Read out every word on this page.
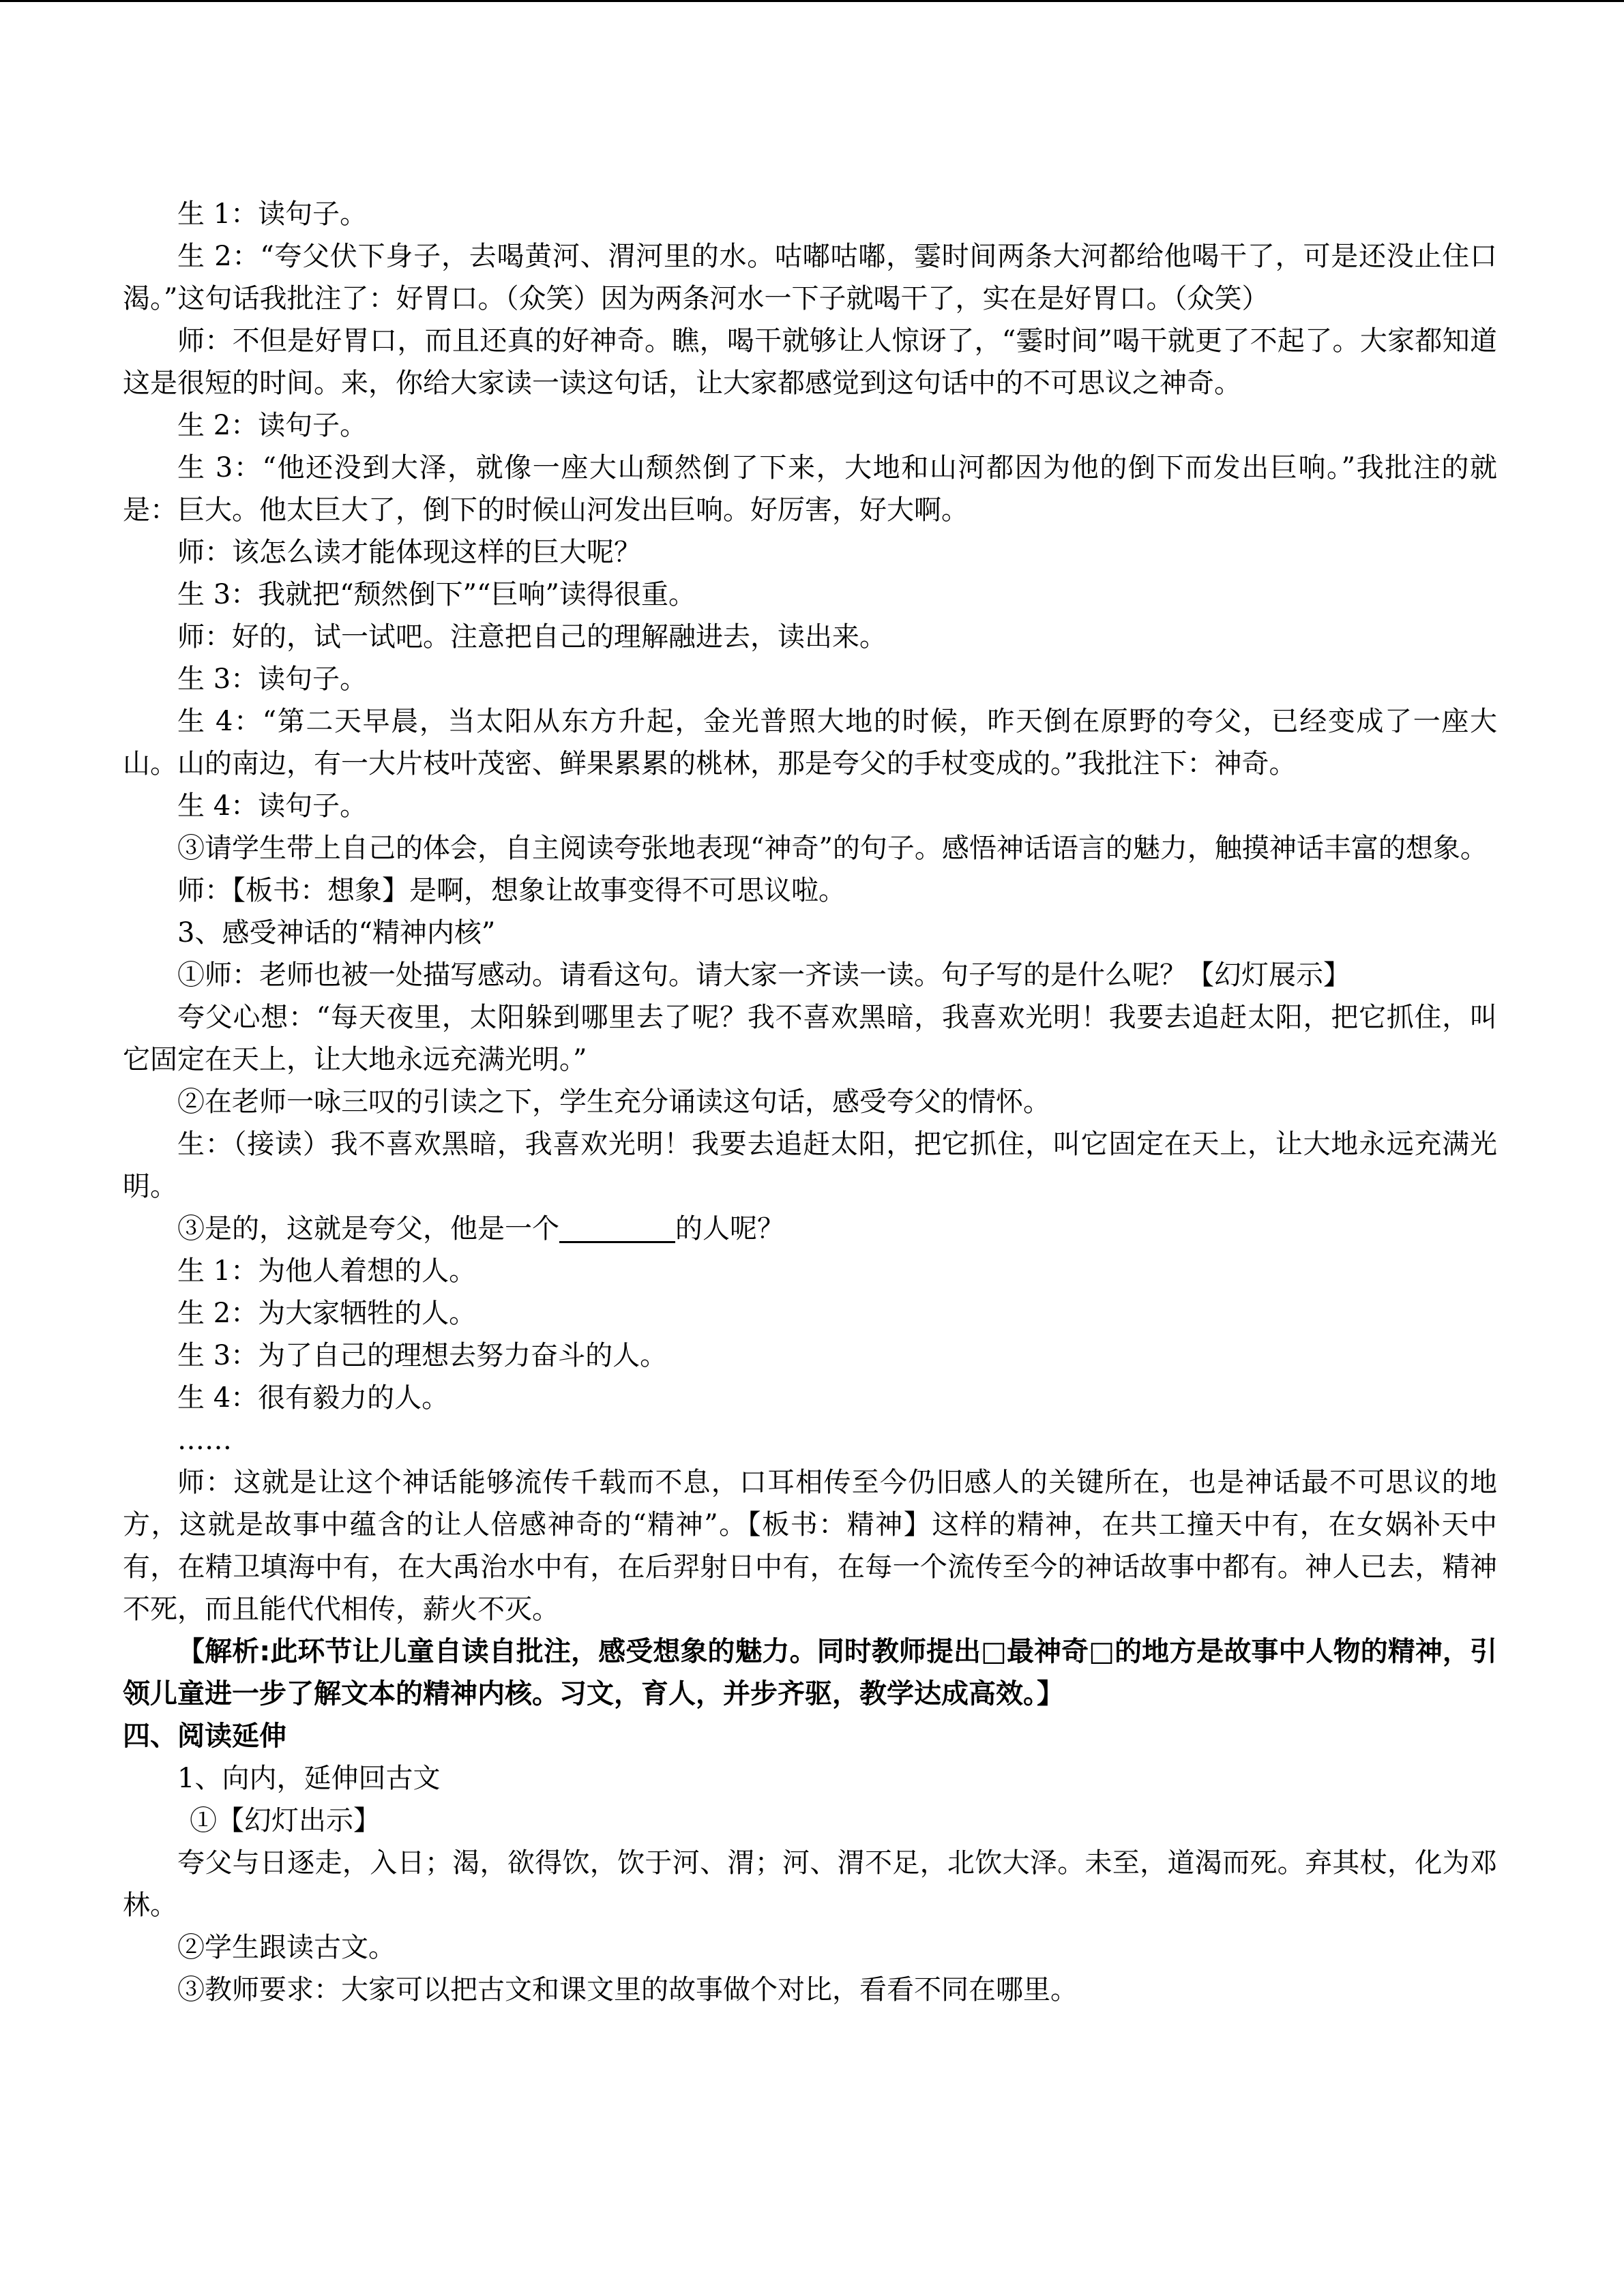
生 1：读句子。

生 2：“夸父伏下身子，去喝黄河、渭河里的水。咕嘟咕嘟，霎时间两条大河都给他喝干了，可是还没止住口渴。”这句话我批注了：好胃口。（众笑）因为两条河水一下子就喝干了，实在是好胃口。（众笑）

师：不但是好胃口，而且还真的好神奇。瞧，喝干就够让人惊讶了，“霎时间”喝干就更了不起了。大家都知道这是很短的时间。来，你给大家读一读这句话，让大家都感觉到这句话中的不可思议之神奇。

生 2：读句子。

生 3：“他还没到大泽，就像一座大山颓然倒了下来，大地和山河都因为他的倒下而发出巨响。”我批注的就是：巨大。他太巨大了，倒下的时候山河发出巨响。好厉害，好大啊。

师：该怎么读才能体现这样的巨大呢？

生 3：我就把“颓然倒下”“巨响”读得很重。

师：好的，试一试吧。注意把自己的理解融进去，读出来。

生 3：读句子。

生 4：“第二天早晨，当太阳从东方升起，金光普照大地的时候，昨天倒在原野的夸父，已经变成了一座大山。山的南边，有一大片枝叶茂密、鲜果累累的桃林，那是夸父的手杖变成的。”我批注下：神奇。

生 4：读句子。

③请学生带上自己的体会，自主阅读夸张地表现“神奇”的句子。感悟神话语言的魅力，触摸神话丰富的想象。

师：【板书：想象】是啊，想象让故事变得不可思议啦。

3、感受神话的“精神内核”

①师：老师也被一处描写感动。请看这句。请大家一齐读一读。句子写的是什么呢？【幻灯展示】

夸父心想：“每天夜里，太阳躲到哪里去了呢？我不喜欢黑暗，我喜欢光明！我要去追赶太阳，把它抓住，叫它固定在天上，让大地永远充满光明。”

②在老师一咏三叹的引读之下，学生充分诵读这句话，感受夸父的情怀。

生：（接读）我不喜欢黑暗，我喜欢光明！我要去追赶太阳，把它抓住，叫它固定在天上，让大地永远充满光明。

③是的，这就是夸父，他是一个	的人呢？

生 1：为他人着想的人。

生 2：为大家牺牲的人。

生 3：为了自己的理想去努力奋斗的人。

生 4：很有毅力的人。

……

师：这就是让这个神话能够流传千载而不息，口耳相传至今仍旧感人的关键所在，也是神话最不可思议的地方，这就是故事中蕴含的让人倍感神奇的“精神”。【板书：精神】这样的精神，在共工撞天中有，在女娲补天中有，在精卫填海中有，在大禹治水中有，在后羿射日中有，在每一个流传至今的神话故事中都有。神人已去，精神不死，而且能代代相传，薪火不灭。

【解析:此环节让儿童自读自批注，感受想象的魅力。同时教师提出□最神奇□的地方是故事中人物的精神，引领儿童进一步了解文本的精神内核。习文，育人，并步齐驱，教学达成高效。】

四、阅读延伸

1、向内，延伸回古文

①【幻灯出示】

夸父与日逐走，入日；渴，欲得饮，饮于河、渭；河、渭不足，北饮大泽。未至，道渴而死。弃其杖，化为邓林。

②学生跟读古文。

③教师要求：大家可以把古文和课文里的故事做个对比，看看不同在哪里。
